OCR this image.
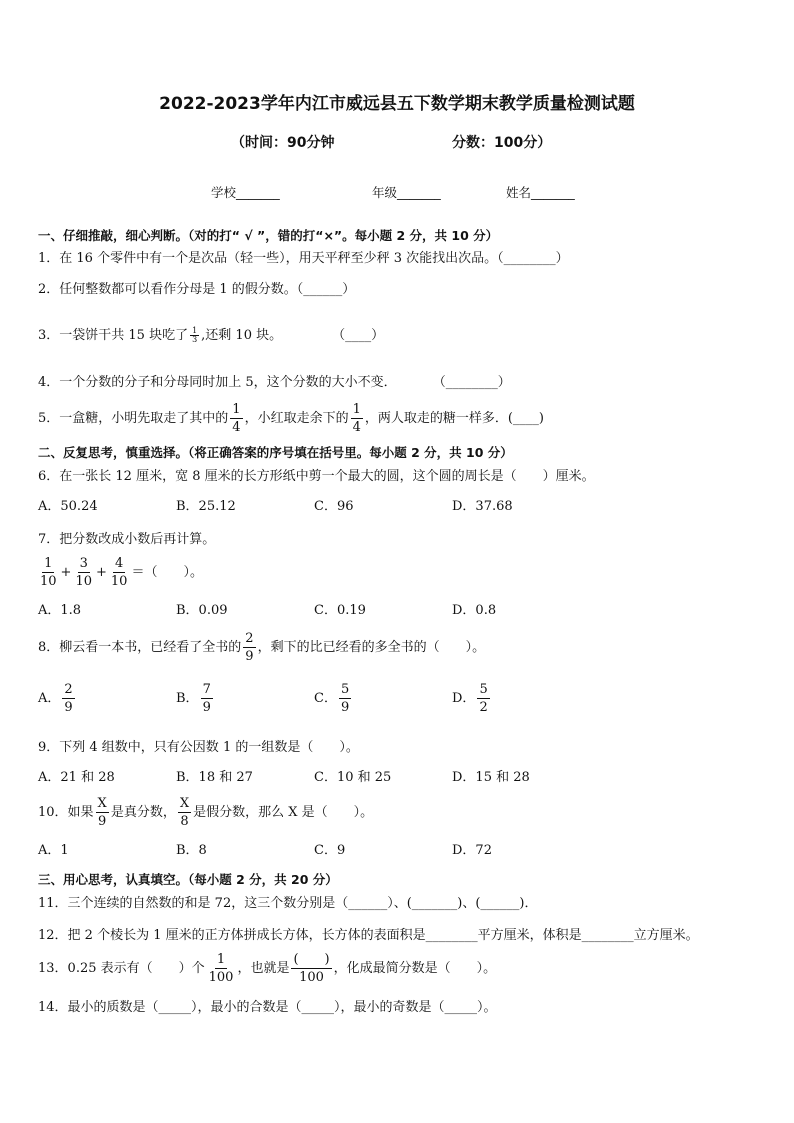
2022-2023学年内江市威远县五下数学期末教学质量检测试题
（时间：90分钟	分数：100分）
学校_______	年级_______	姓名_______
一、仔细推敲，细心判断。（对的打“ √ ”，错的打“×”。每小题 2 分，共 10 分）
1．在 16 个零件中有一个是次品（轻一些），用天平秤至少秤 3 次能找出次品。（________）
2．任何整数都可以看作分母是 1 的假分数。（______）
3．一袋饼干共 15 块吃了 $\frac{1}{3}$ ,还剩 10 块。	（____）
4．一个分数的分子和分母同时加上 5，这个分数的大小不变．	（________）
5．一盒糖，小明先取走了其中的 $\frac{1}{4}$ ，小红取走余下的 $\frac{1}{4}$ ，两人取走的糖一样多．(____)
二、反复思考，慎重选择。（将正确答案的序号填在括号里。每小题 2 分，共 10 分）
6．在一张长 12 厘米，宽 8 厘米的长方形纸中剪一个最大的圆，这个圆的周长是（　　）厘米。
A．50.24	B．25.12	C．96	D．37.68
7．把分数改成小数后再计算。
$\frac{1}{10} + \frac{3}{10} + \frac{4}{10}$ ＝（　　）。
A．1.8	B．0.09	C．0.19	D．0.8
8．柳云看一本书，已经看了全书的 $\frac{2}{9}$ ，剩下的比已经看的多全书的（　　）。
A． $\frac{2}{9}$	B． $\frac{7}{9}$	C． $\frac{5}{9}$	D． $\frac{5}{2}$
9．下列 4 组数中，只有公因数 1 的一组数是（　　）。
A．21 和 28	B．18 和 27	C．10 和 25	D．15 和 28
10．如果 $\frac{X}{9}$ 是真分数， $\frac{X}{8}$ 是假分数，那么 X 是（　　）。
A．1	B．8	C．9	D．72
三、用心思考，认真填空。（每小题 2 分，共 20 分）
11．三个连续的自然数的和是 72，这三个数分别是（______）、(_______)、(______)．
12．把 2 个棱长为 1 厘米的正方体拼成长方体，长方体的表面积是________平方厘米，体积是________立方厘米。
13．0.25 表示有（　　）个 $\frac{1}{100}$ ，也就是 $\frac{( )}{100}$ ，化成最简分数是（　　）。
14．最小的质数是（_____），最小的合数是（_____），最小的奇数是（_____）。
